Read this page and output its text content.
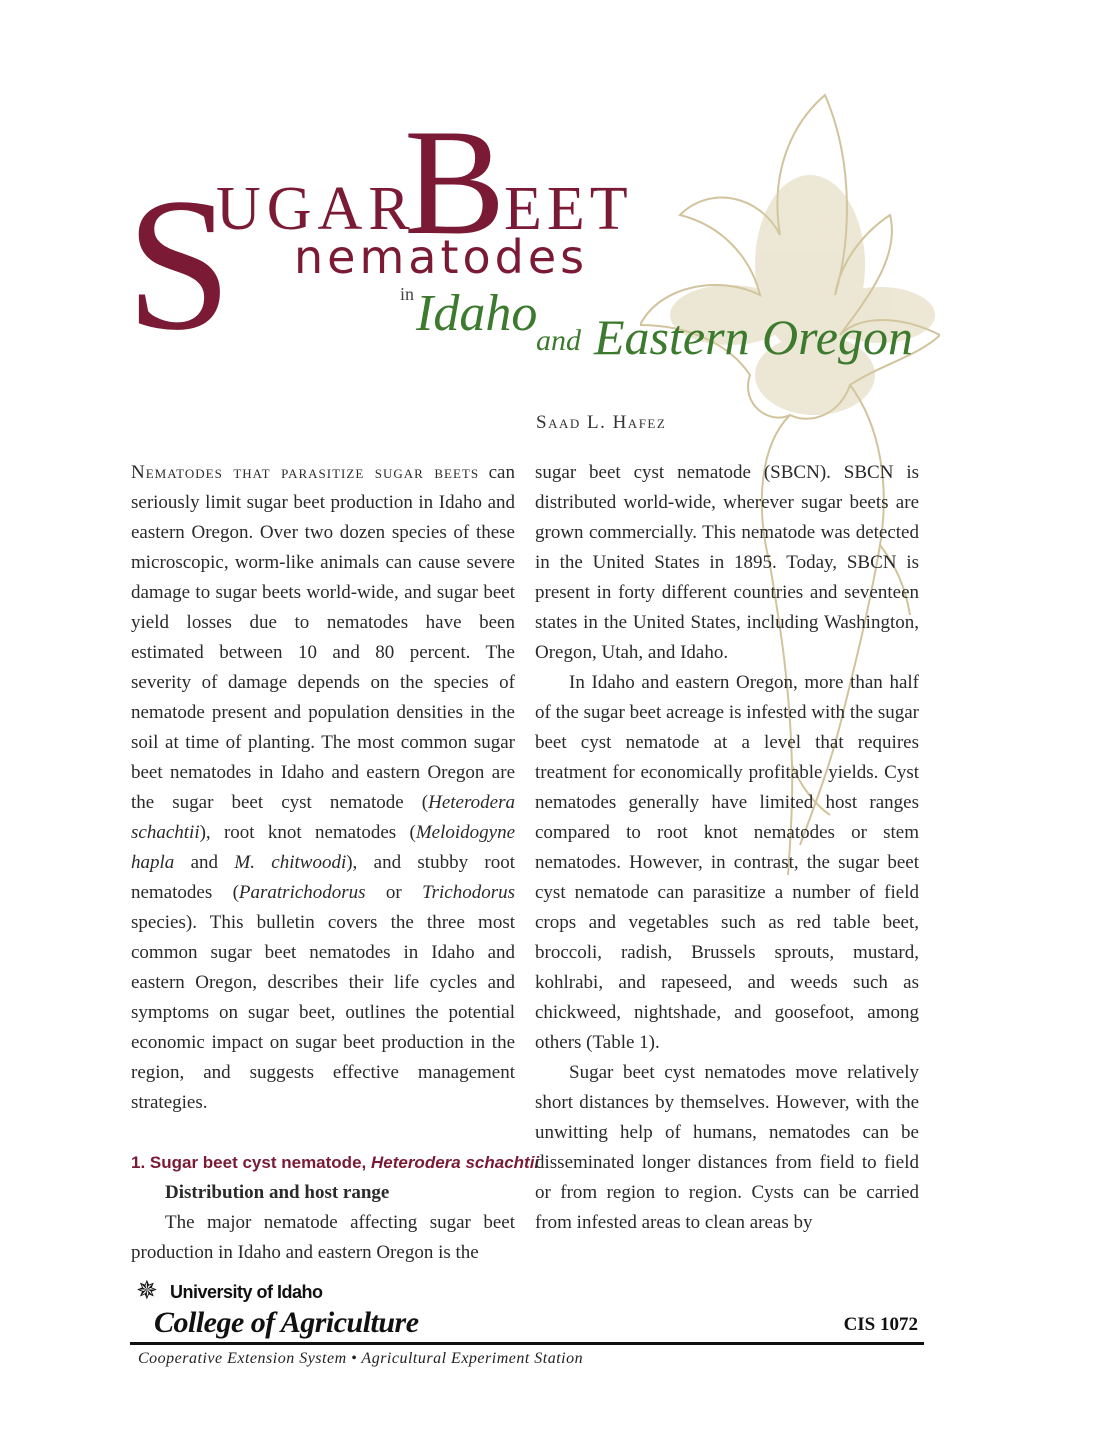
S
UGAR
B
EET
nematodes
in Idaho
and Eastern Oregon
Saad L. Hafez

Nematodes that parasitize sugar beets can seriously limit sugar beet production in Idaho and eastern Oregon. Over two dozen species of these microscopic, worm-like animals can cause severe damage to sugar beets world-wide, and sugar beet yield losses due to nematodes have been estimated between 10 and 80 percent. The severity of damage depends on the species of nematode present and population densities in the soil at time of planting. The most common sugar beet nematodes in Idaho and eastern Oregon are the sugar beet cyst nematode (Heterodera schachtii), root knot nematodes (Meloidogyne hapla and M. chitwoodi), and stubby root nematodes (Paratrichodorus or Trichodorus species). This bulletin covers the three most common sugar beet nematodes in Idaho and eastern Oregon, describes their life cycles and symptoms on sugar beet, outlines the potential economic impact on sugar beet production in the region, and suggests effective management strategies.

1. Sugar beet cyst nematode, Heterodera schachtii

Distribution and host range

The major nematode affecting sugar beet production in Idaho and eastern Oregon is the

sugar beet cyst nematode (SBCN). SBCN is distributed world-wide, wherever sugar beets are grown commercially. This nematode was detected in the United States in 1895. Today, SBCN is present in forty different countries and seventeen states in the United States, including Washington, Oregon, Utah, and Idaho.

In Idaho and eastern Oregon, more than half of the sugar beet acreage is infested with the sugar beet cyst nematode at a level that requires treatment for economically profitable yields. Cyst nematodes generally have limited host ranges compared to root knot nematodes or stem nematodes. However, in contrast, the sugar beet cyst nematode can parasitize a number of field crops and vegetables such as red table beet, broccoli, radish, Brussels sprouts, mustard, kohlrabi, and rapeseed, and weeds such as chickweed, nightshade, and goosefoot, among others (Table 1).

Sugar beet cyst nematodes move relatively short distances by themselves. However, with the unwitting help of humans, nematodes can be disseminated longer distances from field to field or from region to region. Cysts can be carried from infested areas to clean areas by

✵ University of Idaho
College of Agriculture	CIS 1072
Cooperative Extension System • Agricultural Experiment Station
